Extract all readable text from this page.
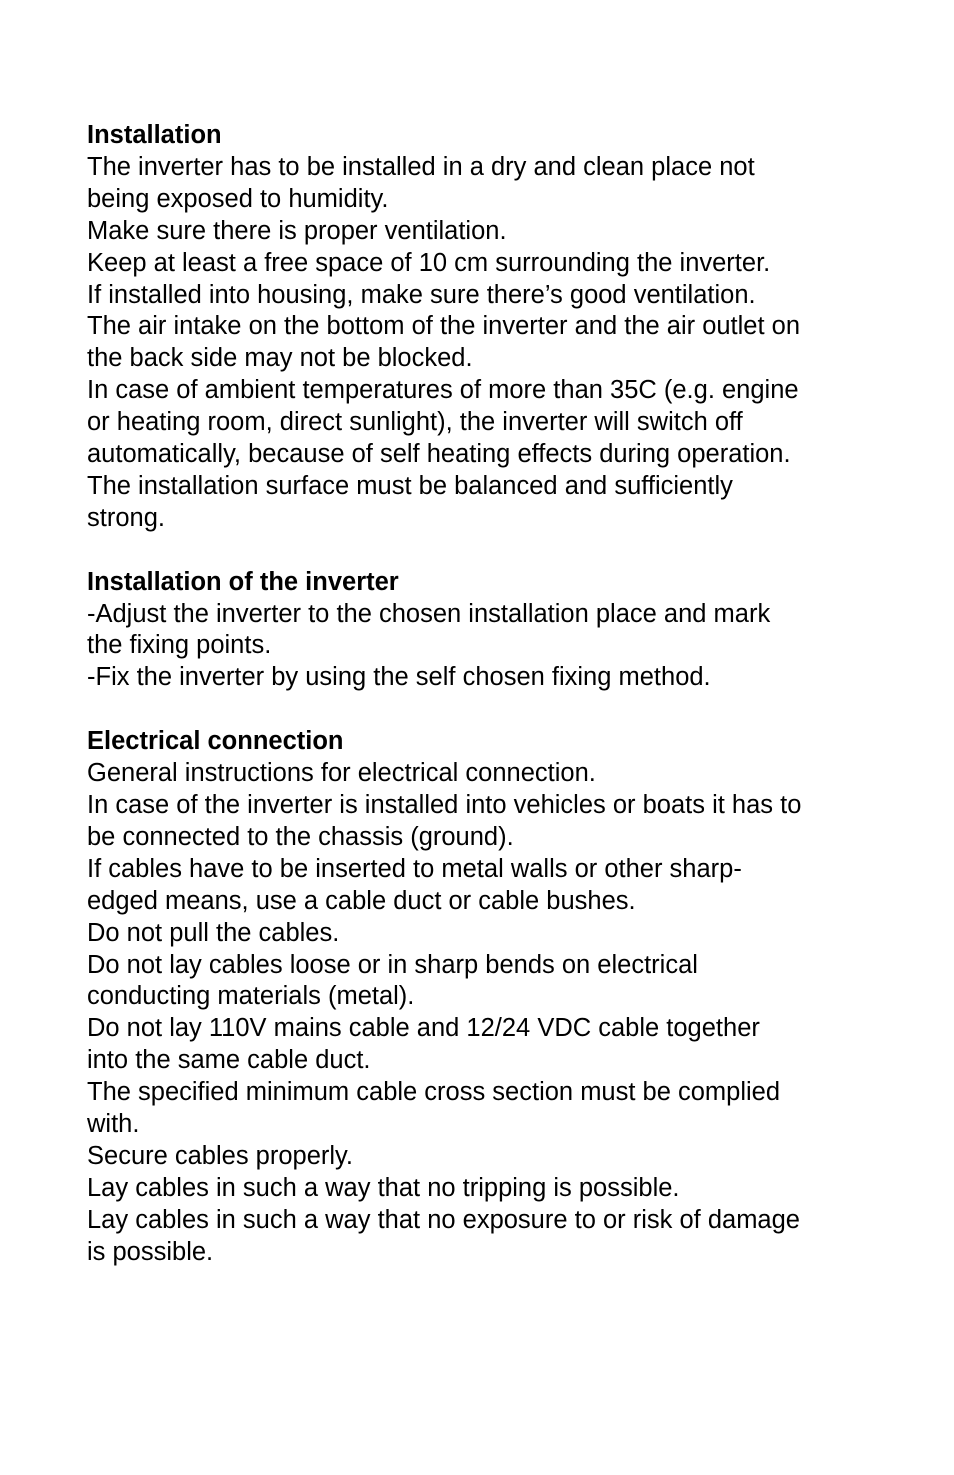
Installation

The inverter has to be installed in a dry and clean place not

being exposed to humidity.

Make sure there is proper ventilation.

Keep at least a free space of 10 cm surrounding the inverter.

If installed into housing, make sure there’s good ventilation.

The air intake on the bottom of the inverter and the air outlet on

the back side may not be blocked.

In case of ambient temperatures of more than 35C (e.g. engine

or heating room, direct sunlight), the inverter will switch off

automatically, because of self heating effects during operation.

The installation surface must be balanced and sufficiently

strong.

Installation of the inverter

-Adjust the inverter to the chosen installation place and mark

the fixing points.

-Fix the inverter by using the self chosen fixing method.

Electrical connection

General instructions for electrical connection.

In case of the inverter is installed into vehicles or boats it has to

be connected to the chassis (ground).

If cables have to be inserted to metal walls or other sharp-

edged means, use a cable duct or cable bushes.

Do not pull the cables.

Do not lay cables loose or in sharp bends on electrical

conducting materials (metal).

Do not lay 110V mains cable and 12/24 VDC cable together

into the same cable duct.

The specified minimum cable cross section must be complied

with.

Secure cables properly.

Lay cables in such a way that no tripping is possible.

Lay cables in such a way that no exposure to or risk of damage

is possible.
